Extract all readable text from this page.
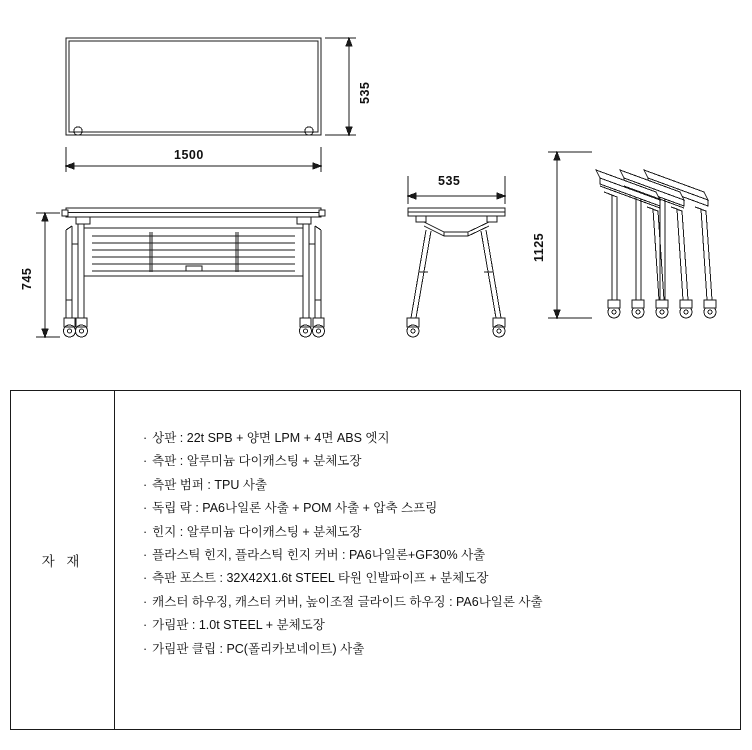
1500
535
745
535
1125
자 재
· 상판 : 22t SPB + 양면 LPM + 4면 ABS 엣지
· 측판 : 알루미늄 다이캐스팅 + 분체도장
· 측판 범퍼 : TPU 사출
· 독립 락 : PA6나일론 사출 + POM 사출 + 압축 스프링
· 힌지 : 알루미늄 다이캐스팅 + 분체도장
· 플라스틱 힌지, 플라스틱 힌지 커버 : PA6나일론+GF30% 사출
· 측판 포스트 : 32X42X1.6t STEEL 타원 인발파이프 + 분체도장
· 캐스터 하우징, 캐스터 커버, 높이조절 글라이드 하우징 : PA6나일론 사출
· 가림판 : 1.0t STEEL + 분체도장
· 가림판 클립 : PC(폴리카보네이트) 사출
